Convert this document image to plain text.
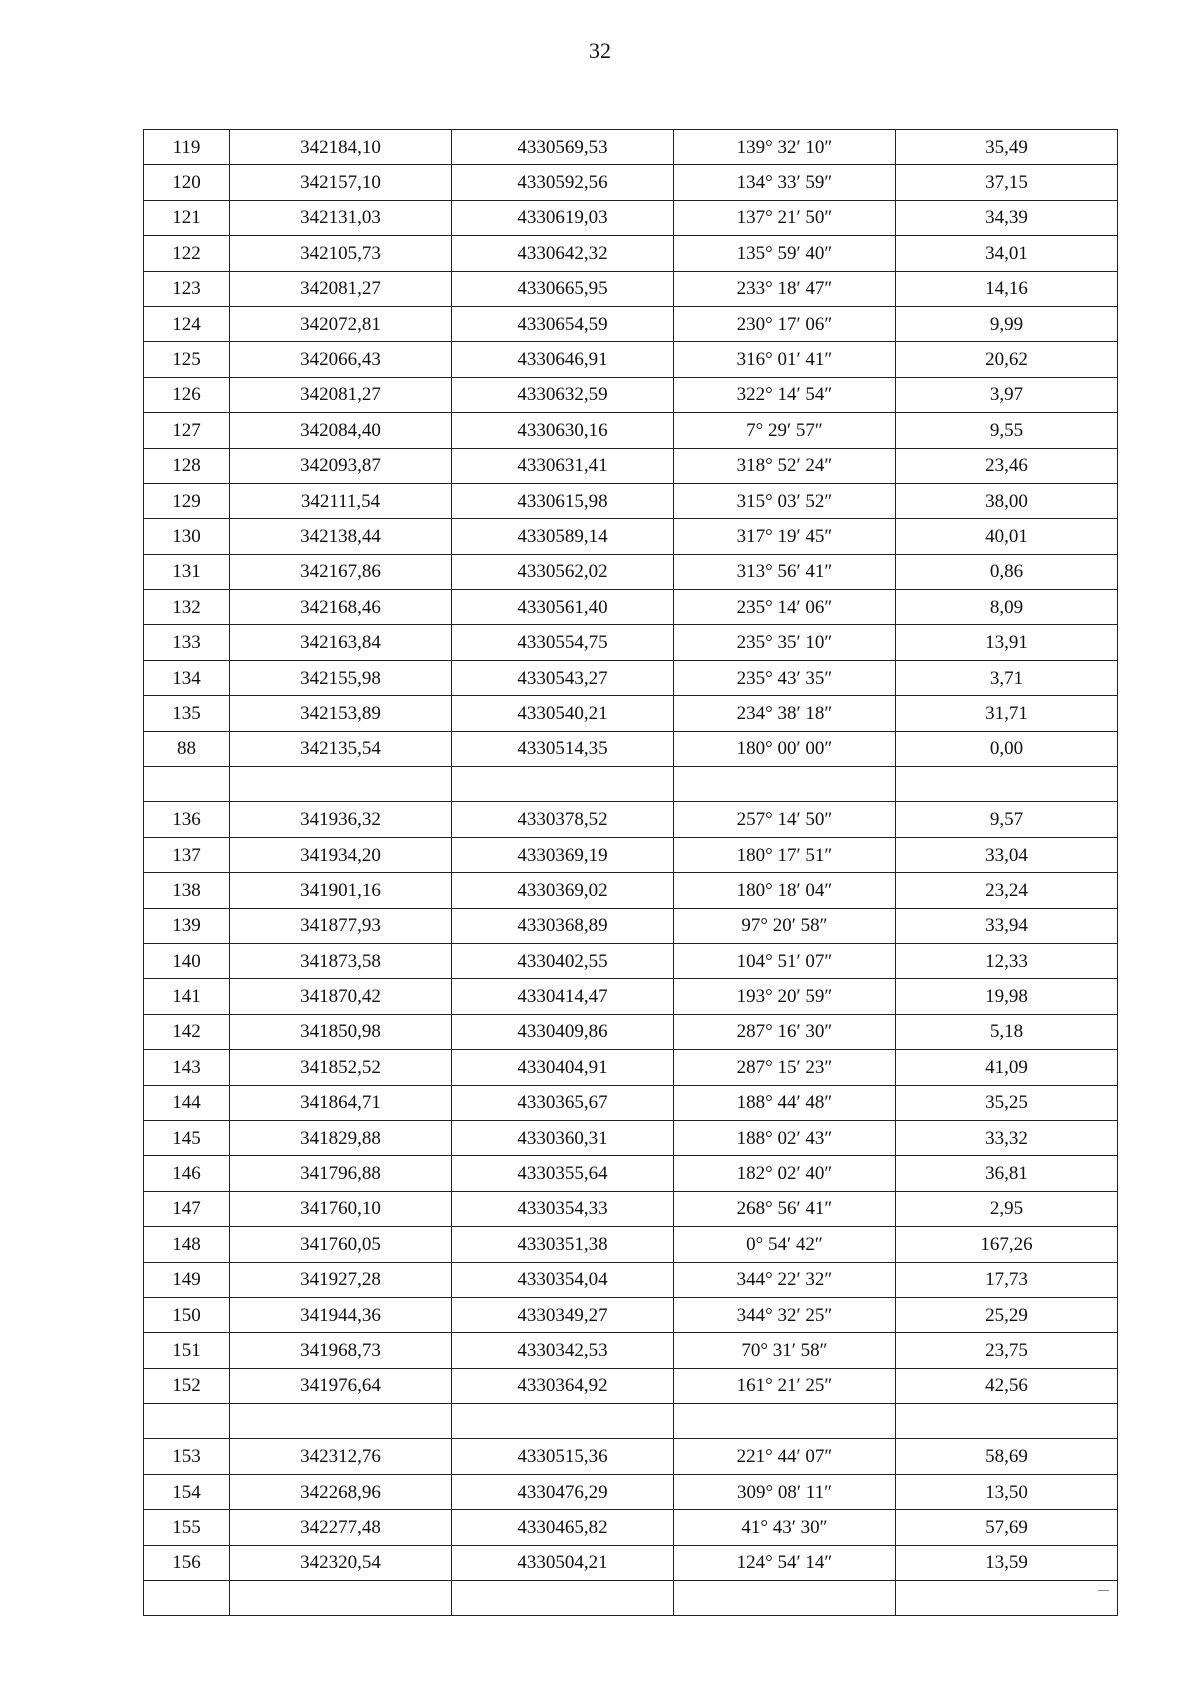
32
119	342184,10	4330569,53	139° 32′ 10″	35,49
120	342157,10	4330592,56	134° 33′ 59″	37,15
121	342131,03	4330619,03	137° 21′ 50″	34,39
122	342105,73	4330642,32	135° 59′ 40″	34,01
123	342081,27	4330665,95	233° 18′ 47″	14,16
124	342072,81	4330654,59	230° 17′ 06″	9,99
125	342066,43	4330646,91	316° 01′ 41″	20,62
126	342081,27	4330632,59	322° 14′ 54″	3,97
127	342084,40	4330630,16	7° 29′ 57″	9,55
128	342093,87	4330631,41	318° 52′ 24″	23,46
129	342111,54	4330615,98	315° 03′ 52″	38,00
130	342138,44	4330589,14	317° 19′ 45″	40,01
131	342167,86	4330562,02	313° 56′ 41″	0,86
132	342168,46	4330561,40	235° 14′ 06″	8,09
133	342163,84	4330554,75	235° 35′ 10″	13,91
134	342155,98	4330543,27	235° 43′ 35″	3,71
135	342153,89	4330540,21	234° 38′ 18″	31,71
88	342135,54	4330514,35	180° 00′ 00″	0,00

136	341936,32	4330378,52	257° 14′ 50″	9,57
137	341934,20	4330369,19	180° 17′ 51″	33,04
138	341901,16	4330369,02	180° 18′ 04″	23,24
139	341877,93	4330368,89	97° 20′ 58″	33,94
140	341873,58	4330402,55	104° 51′ 07″	12,33
141	341870,42	4330414,47	193° 20′ 59″	19,98
142	341850,98	4330409,86	287° 16′ 30″	5,18
143	341852,52	4330404,91	287° 15′ 23″	41,09
144	341864,71	4330365,67	188° 44′ 48″	35,25
145	341829,88	4330360,31	188° 02′ 43″	33,32
146	341796,88	4330355,64	182° 02′ 40″	36,81
147	341760,10	4330354,33	268° 56′ 41″	2,95
148	341760,05	4330351,38	0° 54′ 42″	167,26
149	341927,28	4330354,04	344° 22′ 32″	17,73
150	341944,36	4330349,27	344° 32′ 25″	25,29
151	341968,73	4330342,53	70° 31′ 58″	23,75
152	341976,64	4330364,92	161° 21′ 25″	42,56

153	342312,76	4330515,36	221° 44′ 07″	58,69
154	342268,96	4330476,29	309° 08′ 11″	13,50
155	342277,48	4330465,82	41° 43′ 30″	57,69
156	342320,54	4330504,21	124° 54′ 14″	13,59
